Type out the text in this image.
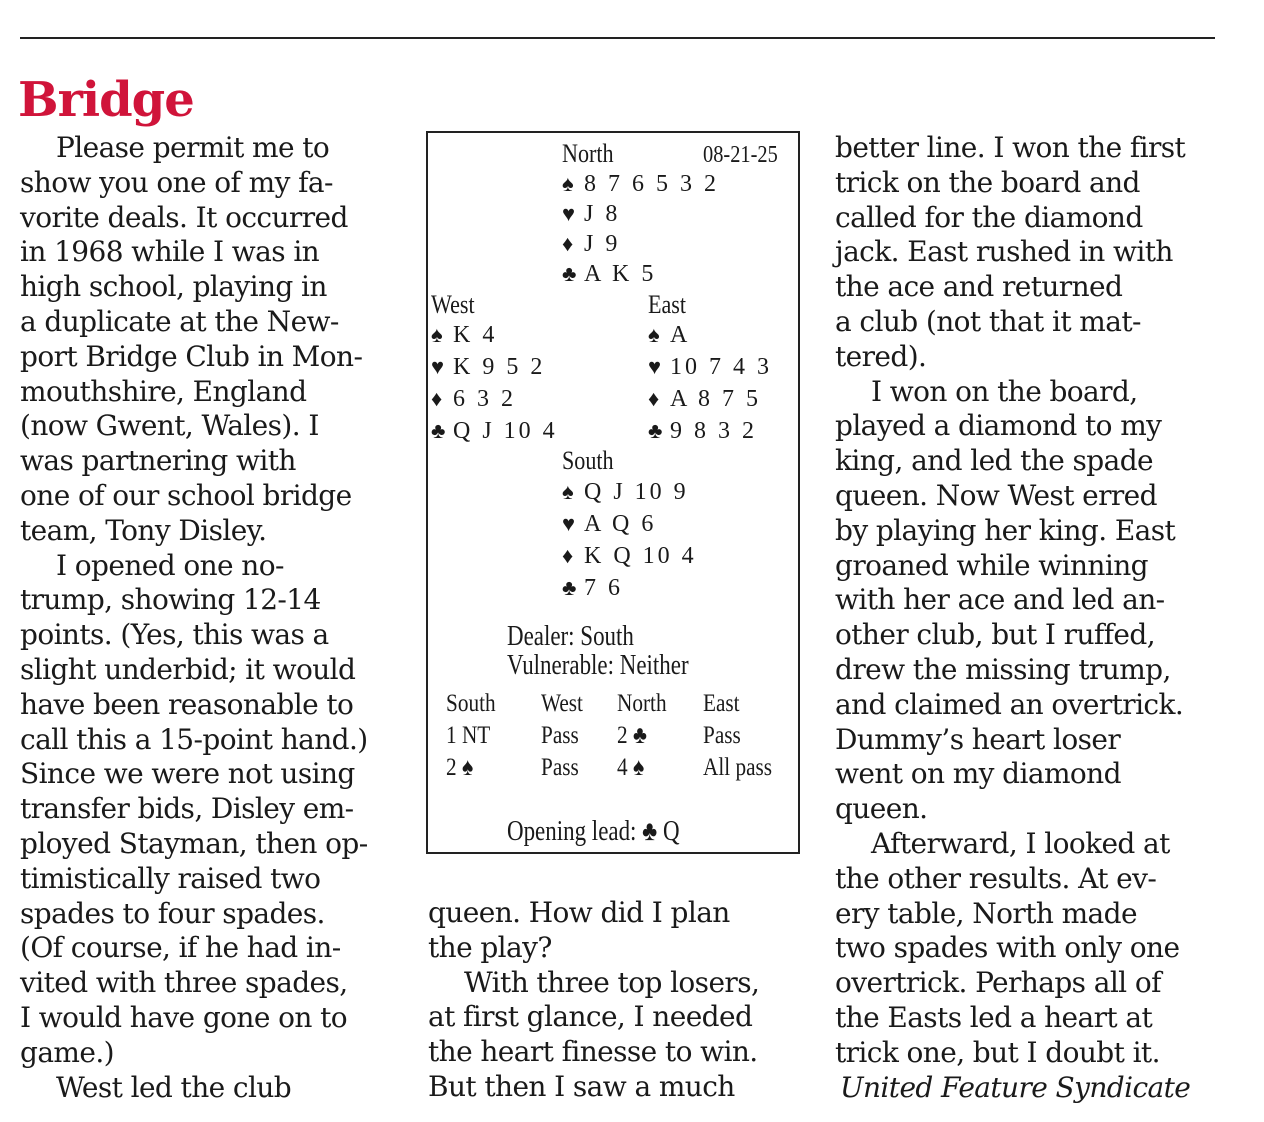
Bridge
Please permit me to
show you one of my fa-
vorite deals. It occurred
in 1968 while I was in
high school, playing in
a duplicate at the New-
port Bridge Club in Mon-
mouthshire, England
(now Gwent, Wales). I
was partnering with
one of our school bridge
team, Tony Disley.
I opened one no-
trump, showing 12-14
points. (Yes, this was a
slight underbid; it would
have been reasonable to
call this a 15-point hand.)
Since we were not using
transfer bids, Disley em-
ployed Stayman, then op-
timistically raised two
spades to four spades.
(Of course, if he had in-
vited with three spades,
I would have gone on to
game.)
West led the club
queen. How did I plan
the play?
With three top losers,
at first glance, I needed
the heart finesse to win.
But then I saw a much
better line. I won the first
trick on the board and
called for the diamond
jack. East rushed in with
the ace and returned
a club (not that it mat-
tered).
I won on the board,
played a diamond to my
king, and led the spade
queen. Now West erred
by playing her king. East
groaned while winning
with her ace and led an-
other club, but I ruffed,
drew the missing trump,
and claimed an overtrick.
Dummy’s heart loser
went on my diamond
queen.
Afterward, I looked at
the other results. At ev-
ery table, North made
two spades with only one
overtrick. Perhaps all of
the Easts led a heart at
trick one, but I doubt it.
United Feature Syndicate
North	08-21-25
♠ 8 7 6 5 3 2
♥ J 8
♦ J 9
♣ A K 5
West
♠ K 4
♥ K 9 5 2
♦ 6 3 2
♣ Q J 10 4
East
♠ A
♥ 10 7 4 3
♦ A 8 7 5
♣ 9 8 3 2
South
♠ Q J 10 9
♥ A Q 6
♦ K Q 10 4
♣ 7 6
Dealer: South
Vulnerable: Neither
South West North East
1 NT Pass 2 ♣ Pass
2 ♠	Pass 4 ♠ All pass
Opening lead: ♣ Q
